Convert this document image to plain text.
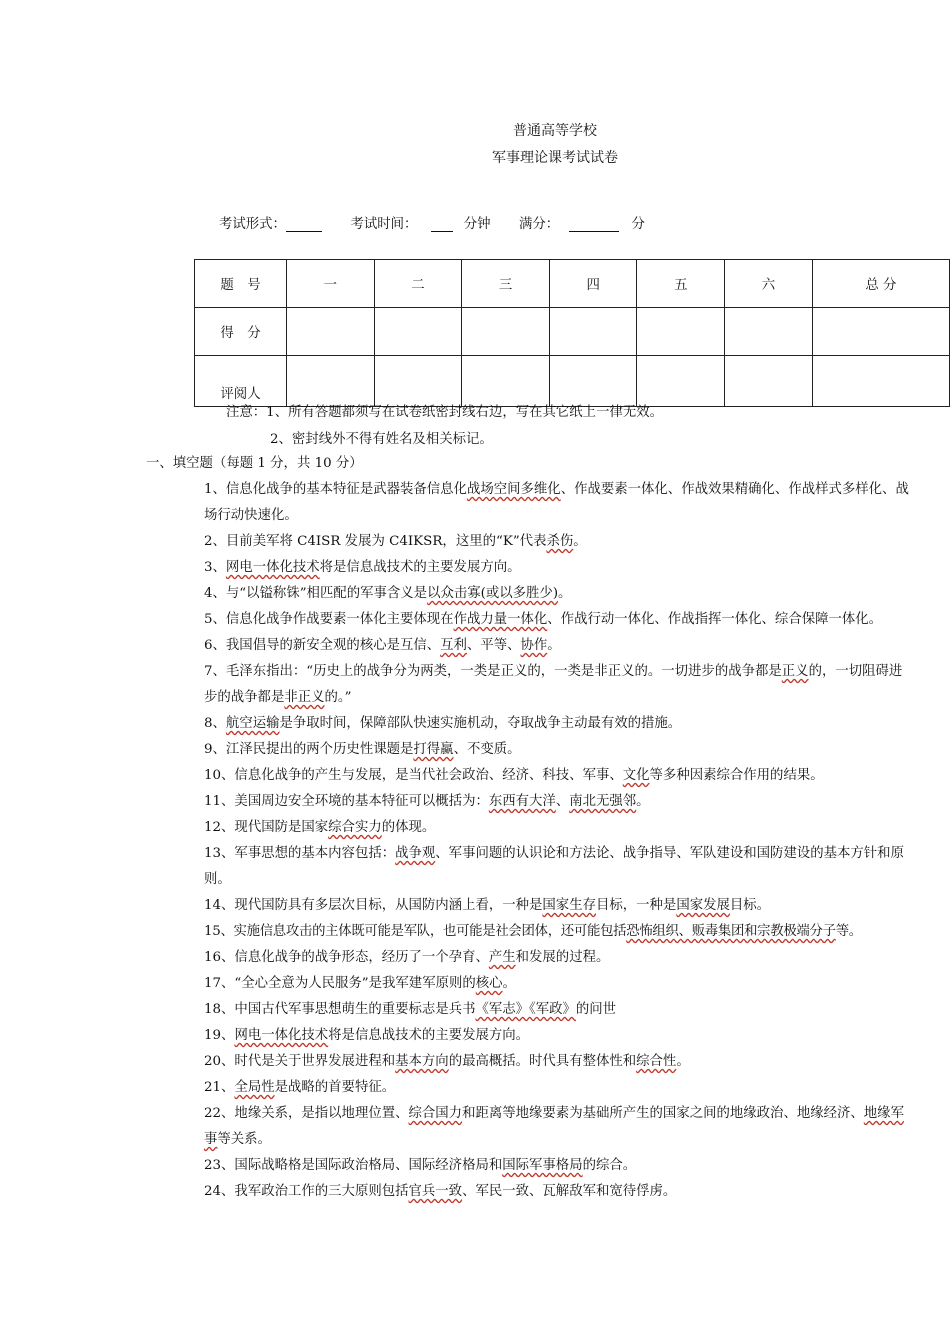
普通高等学校
军事理论课考试试卷
考试形式：	考试时间：	分钟 满分：	分
题　号	一	二	三	四	五	六	总 分
得　分							
评阅人							
注意：1、所有答题都须写在试卷纸密封线右边，写在其它纸上一律无效。
2、密封线外不得有姓名及相关标记。
一、填空题（每题 1 分，共 10 分）

1、信息化战争的基本特征是武器装备信息化战场空间多维化、作战要素一体化、作战效果精确化、作战样式多样化、战场行动快速化。

2、目前美军将 C4ISR 发展为 C4IKSR，这里的“K”代表杀伤。

3、网电一体化技术将是信息战技术的主要发展方向。

4、与“以镒称铢”相匹配的军事含义是以众击寡(或以多胜少)。

5、信息化战争作战要素一体化主要体现在作战力量一体化、作战行动一体化、作战指挥一体化、综合保障一体化。

6、我国倡导的新安全观的核心是互信、互利、平等、协作。

7、毛泽东指出：“历史上的战争分为两类，一类是正义的，一类是非正义的。一切进步的战争都是正义的，一切阻碍进步的战争都是非正义的。”

8、航空运输是争取时间，保障部队快速实施机动，夺取战争主动最有效的措施。

9、江泽民提出的两个历史性课题是打得赢、不变质。

10、信息化战争的产生与发展，是当代社会政治、经济、科技、军事、文化等多种因素综合作用的结果。

11、美国周边安全环境的基本特征可以概括为：东西有大洋、南北无强邻。

12、现代国防是国家综合实力的体现。

13、军事思想的基本内容包括：战争观、军事问题的认识论和方法论、战争指导、军队建设和国防建设的基本方针和原则。

14、现代国防具有多层次目标，从国防内涵上看，一种是国家生存目标，一种是国家发展目标。

15、实施信息攻击的主体既可能是军队，也可能是社会团体，还可能包括恐怖组织、贩毒集团和宗教极端分子等。

16、信息化战争的战争形态，经历了一个孕育、产生和发展的过程。

17、“全心全意为人民服务”是我军建军原则的核心。

18、中国古代军事思想萌生的重要标志是兵书《军志》《军政》的问世

19、网电一体化技术将是信息战技术的主要发展方向。

20、时代是关于世界发展进程和基本方向的最高概括。时代具有整体性和综合性。

21、全局性是战略的首要特征。

22、地缘关系，是指以地理位置、综合国力和距离等地缘要素为基础所产生的国家之间的地缘政治、地缘经济、地缘军事等关系。

23、国际战略格是国际政治格局、国际经济格局和国际军事格局的综合。

24、我军政治工作的三大原则包括官兵一致、军民一致、瓦解敌军和宽待俘虏。
